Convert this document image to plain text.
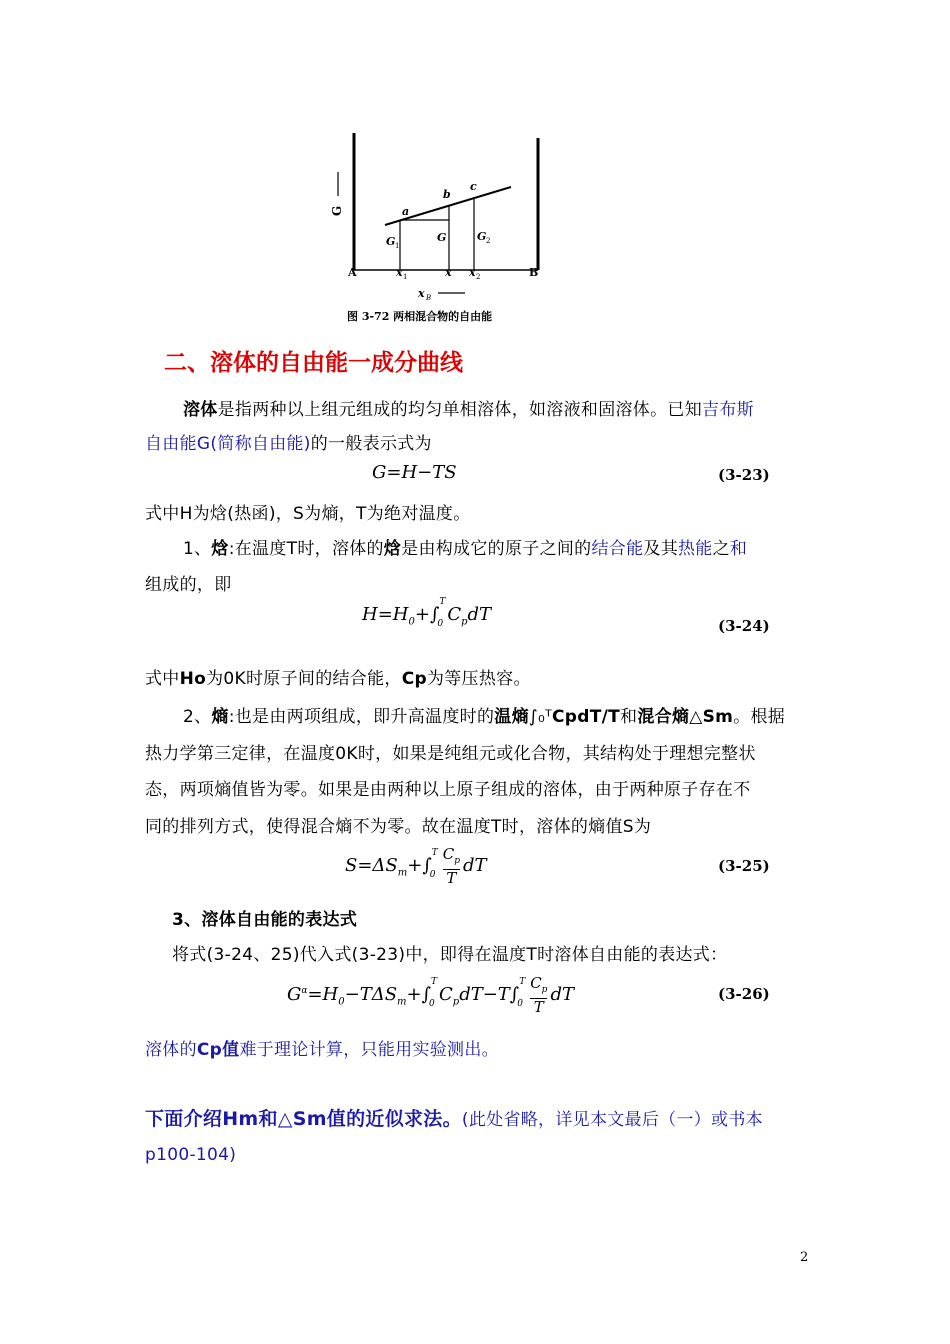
G	a
b
c
G 1
G	G 2
A	x 1	x x 2	B
x B
图 3-72 两相混合物的自由能
二、溶体的自由能一成分曲线
溶体是指两种以上组元组成的均匀单相溶体，如溶液和固溶体。已知吉布斯
自由能G(简称自由能)的一般表示式为
G=H−TS	(3-23)
式中H为焓(热函)，S为熵，T为绝对温度。
1、焓:在温度T时，溶体的焓是由构成它的原子之间的结合能及其热能之和
组成的，即
$H=H_0+\int$
T
0 $C_pdT$
(3-24)
式中Ho为0K时原子间的结合能，Cp为等压热容。
2、熵:也是由两项组成，即升高温度时的温熵∫₀ᵀCpdT/T和混合熵△Sm。根据
热力学第三定律，在温度0K时，如果是纯组元或化合物，其结构处于理想完整状
态，两项熵值皆为零。如果是由两种以上原子组成的溶体，由于两种原子存在不
同的排列方式，使得混合熵不为零。故在温度T时，溶体的熵值S为
$S=\Delta S_m+\int$
T
$0 \frac{C_p}{T}$ dT	(3-25)
3、溶体自由能的表达式
将式(3-24、25)代入式(3-23)中，即得在温度T时溶体自由能的表达式：
$G^\alpha=H_0-T\Delta S_m+\int$
T
0 $C_pdT-T\int$
T
$0 \frac{C_p}{T}$ dT	(3-26)
溶体的Cp值难于理论计算，只能用实验测出。
下面介绍Hm和△Sm值的近似求法。(此处省略，详见本文最后（一）或书本
p100-104)
2
